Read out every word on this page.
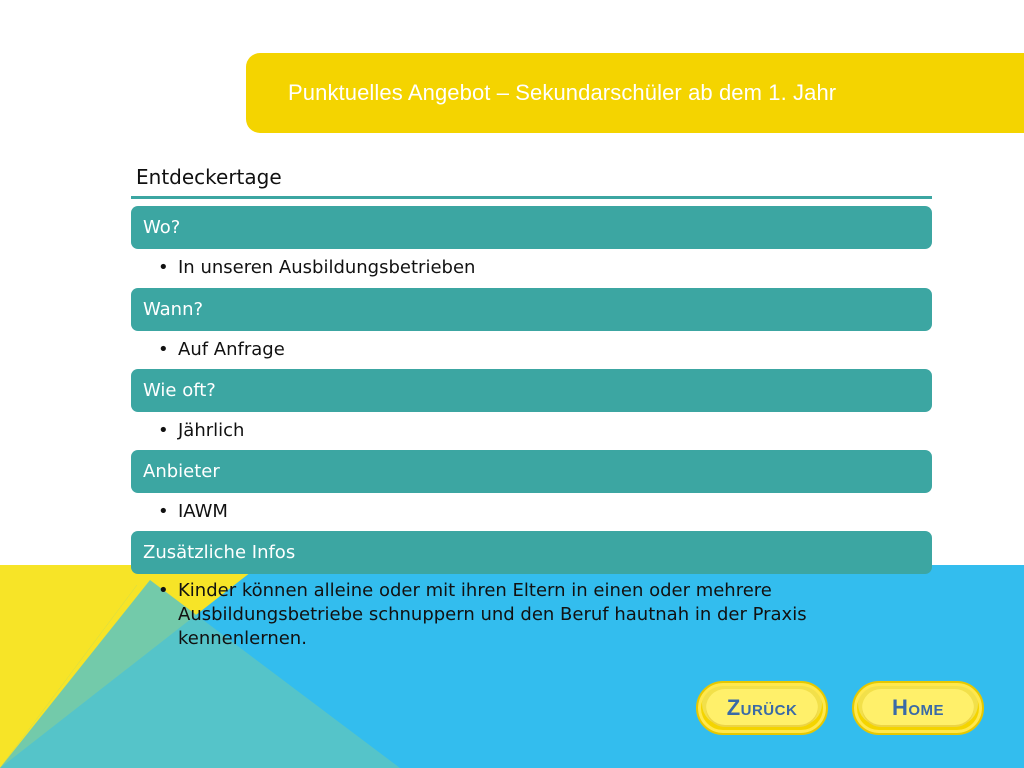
Punktuelles Angebot – Sekundarschüler ab dem 1. Jahr
Entdeckertage
Wo?
• In unseren Ausbildungsbetrieben
Wann?
• Auf Anfrage
Wie oft?
• Jährlich
Anbieter
• IAWM
Zusätzliche Infos
• Kinder können alleine oder mit ihren Eltern in einen oder mehrere Ausbildungsbetriebe schnuppern und den Beruf hautnah in der Praxis kennenlernen.
Zurück	Home
